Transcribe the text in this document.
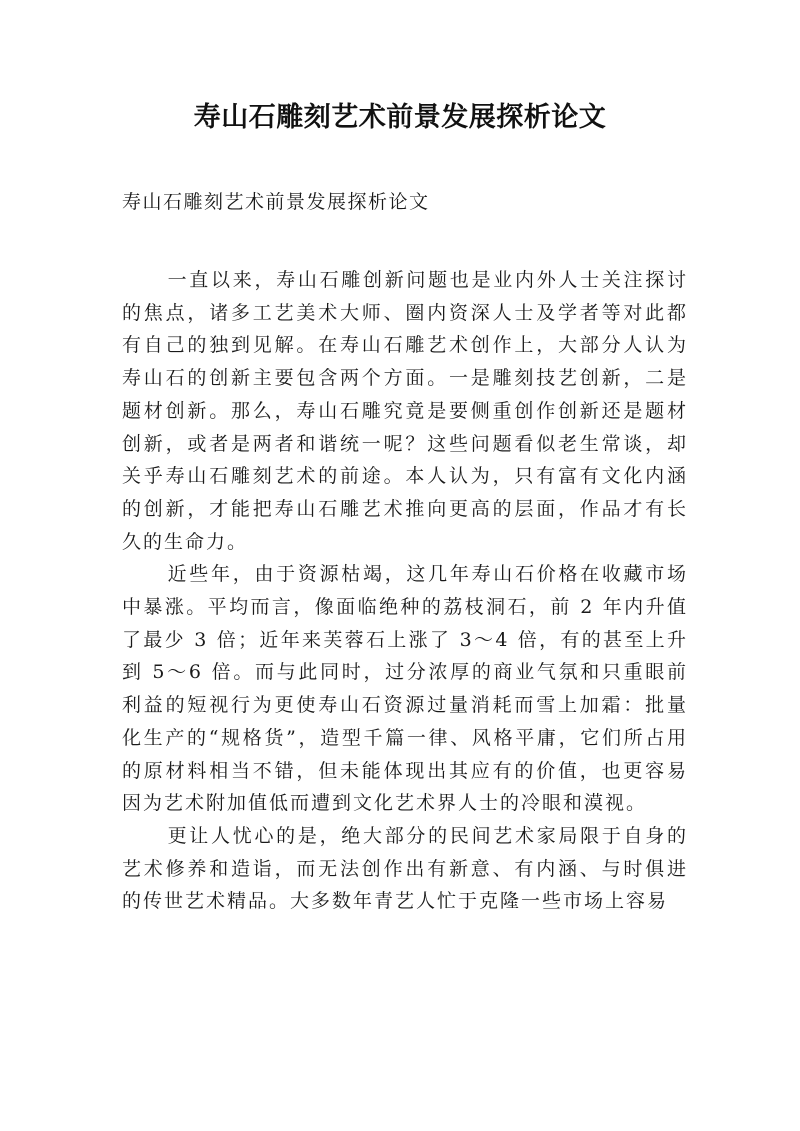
寿山石雕刻艺术前景发展探析论文
寿山石雕刻艺术前景发展探析论文

一直以来，寿山石雕创新问题也是业内外人士关注探讨的焦点，诸多工艺美术大师、圈内资深人士及学者等对此都有自己的独到见解。在寿山石雕艺术创作上，大部分人认为寿山石的创新主要包含两个方面。一是雕刻技艺创新，二是题材创新。那么，寿山石雕究竟是要侧重创作创新还是题材创新，或者是两者和谐统一呢？这些问题看似老生常谈，却关乎寿山石雕刻艺术的前途。本人认为，只有富有文化内涵的创新，才能把寿山石雕艺术推向更高的层面，作品才有长久的生命力。

近些年，由于资源枯竭，这几年寿山石价格在收藏市场中暴涨。平均而言，像面临绝种的荔枝洞石，前 2 年内升值了最少 3 倍；近年来芙蓉石上涨了 3～4 倍，有的甚至上升到 5～6 倍。而与此同时，过分浓厚的商业气氛和只重眼前利益的短视行为更使寿山石资源过量消耗而雪上加霜：批量化生产的“规格货”，造型千篇一律、风格平庸，它们所占用的原材料相当不错，但未能体现出其应有的价值，也更容易因为艺术附加值低而遭到文化艺术界人士的冷眼和漠视。

更让人忧心的是，绝大部分的民间艺术家局限于自身的艺术修养和造诣，而无法创作出有新意、有内涵、与时俱进的传世艺术精品。大多数年青艺人忙于克隆一些市场上容易
